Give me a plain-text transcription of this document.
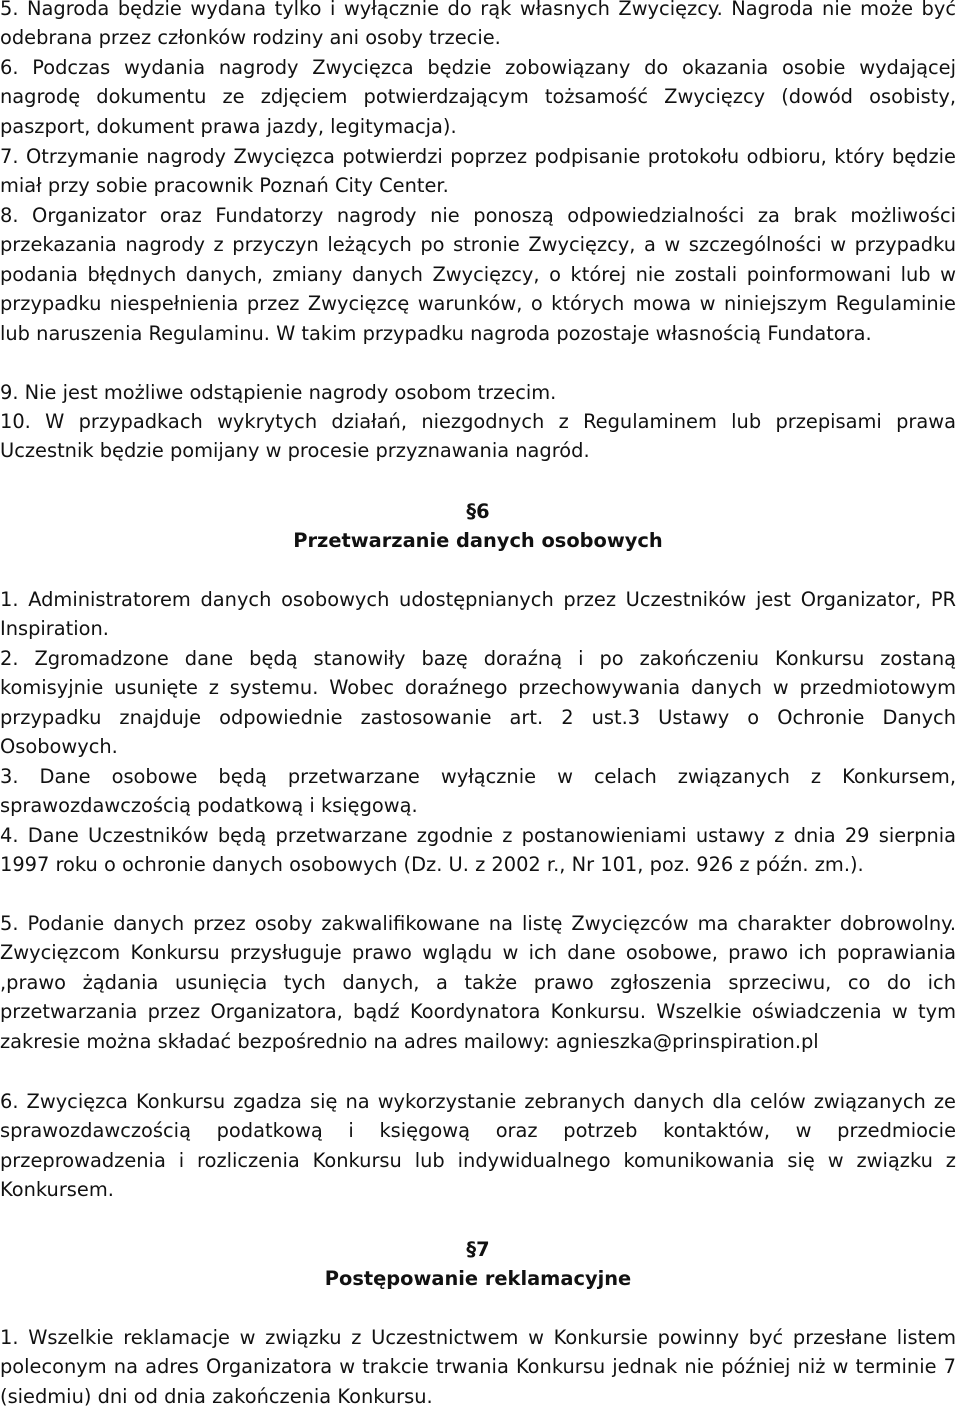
5. Nagroda będzie wydana tylko i wyłącznie do rąk własnych Zwycięzcy. Nagroda nie może być odebrana przez członków rodziny ani osoby trzecie.

6. Podczas wydania nagrody Zwycięzca będzie zobowiązany do okazania osobie wydającej nagrodę dokumentu ze zdjęciem potwierdzającym tożsamość Zwycięzcy (dowód osobisty, paszport, dokument prawa jazdy, legitymacja).

7. Otrzymanie nagrody Zwycięzca potwierdzi poprzez podpisanie protokołu odbioru, który będzie miał przy sobie pracownik Poznań City Center.

8. Organizator oraz Fundatorzy nagrody nie ponoszą odpowiedzialności za brak możliwości przekazania nagrody z przyczyn leżących po stronie Zwycięzcy, a w szczególności w przypadku podania błędnych danych, zmiany danych Zwycięzcy, o której nie zostali poinformowani lub w przypadku niespełnienia przez Zwycięzcę warunków, o których mowa w niniejszym Regulaminie lub naruszenia Regulaminu. W takim przypadku nagroda pozostaje własnością Fundatora.

9. Nie jest możliwe odstąpienie nagrody osobom trzecim.

10. W przypadkach wykrytych działań, niezgodnych z Regulaminem lub przepisami prawa Uczestnik będzie pomijany w procesie przyznawania nagród.

§6
Przetwarzanie danych osobowych

1. Administratorem danych osobowych udostępnianych przez Uczestników jest Organizator, PR Inspiration.

2. Zgromadzone dane będą stanowiły bazę doraźną i po zakończeniu Konkursu zostaną komisyjnie usunięte z systemu. Wobec doraźnego przechowywania danych w przedmiotowym przypadku znajduje odpowiednie zastosowanie art. 2 ust.3 Ustawy o Ochronie Danych Osobowych.

3. Dane osobowe będą przetwarzane wyłącznie w celach związanych z Konkursem, sprawozdawczością podatkową i księgową.

4. Dane Uczestników będą przetwarzane zgodnie z postanowieniami ustawy z dnia 29 sierpnia 1997 roku o ochronie danych osobowych (Dz. U. z 2002 r., Nr 101, poz. 926 z późn. zm.).

5. Podanie danych przez osoby zakwalifikowane na listę Zwycięzców ma charakter dobrowolny. Zwycięzcom Konkursu przysługuje prawo wglądu w ich dane osobowe, prawo ich poprawiania ,prawo żądania usunięcia tych danych, a także prawo zgłoszenia sprzeciwu, co do ich przetwarzania przez Organizatora, bądź Koordynatora Konkursu. Wszelkie oświadczenia w tym zakresie można składać bezpośrednio na adres mailowy: agnieszka@prinspiration.pl

6. Zwycięzca Konkursu zgadza się na wykorzystanie zebranych danych dla celów związanych ze sprawozdawczością podatkową i księgową oraz potrzeb kontaktów, w przedmiocie przeprowadzenia i rozliczenia Konkursu lub indywidualnego komunikowania się w związku z Konkursem.

§7
Postępowanie reklamacyjne

1. Wszelkie reklamacje w związku z Uczestnictwem w Konkursie powinny być przesłane listem poleconym na adres Organizatora w trakcie trwania Konkursu jednak nie później niż w terminie 7 (siedmiu) dni od dnia zakończenia Konkursu.
